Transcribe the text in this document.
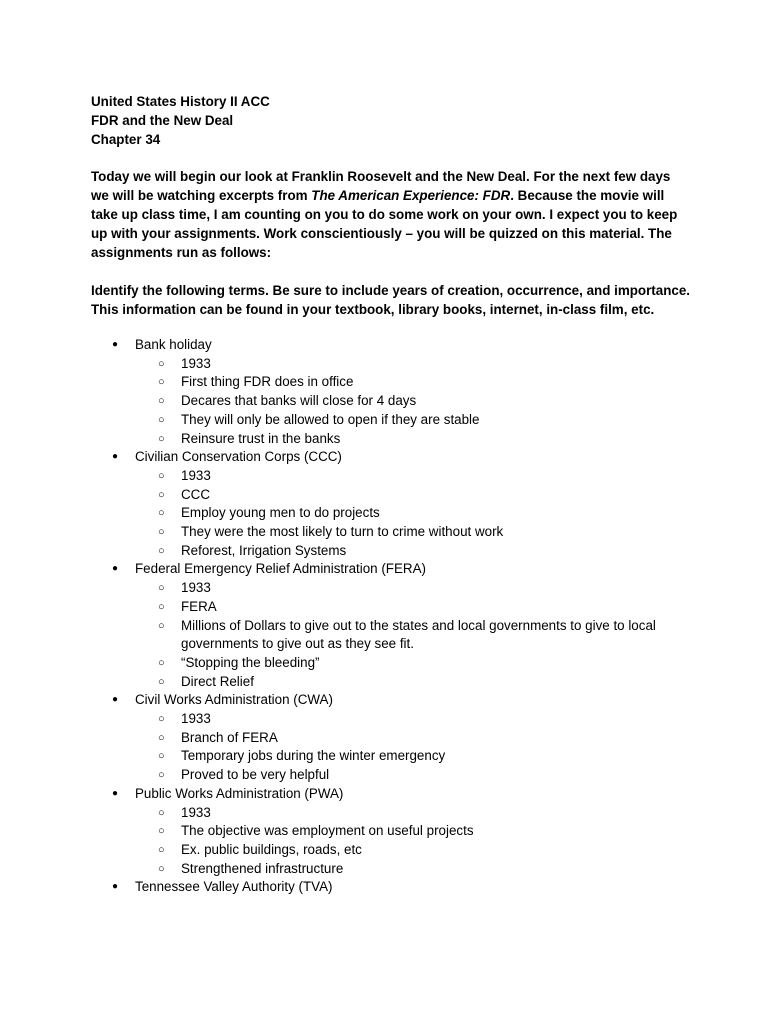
United States History II ACC

FDR and the New Deal

Chapter 34

Today we will begin our look at Franklin Roosevelt and the New Deal. For the next few days we will be watching excerpts from The American Experience: FDR. Because the movie will take up class time, I am counting on you to do some work on your own. I expect you to keep up with your assignments. Work conscientiously – you will be quizzed on this material. The assignments run as follows:

Identify the following terms. Be sure to include years of creation, occurrence, and importance. This information can be found in your textbook, library books, internet, in-class film, etc.

● Bank holiday
○ 1933
○ First thing FDR does in office
○ Decares that banks will close for 4 days
○ They will only be allowed to open if they are stable
○ Reinsure trust in the banks
● Civilian Conservation Corps (CCC)
○ 1933
○ CCC
○ Employ young men to do projects
○ They were the most likely to turn to crime without work
○ Reforest, Irrigation Systems
● Federal Emergency Relief Administration (FERA)
○ 1933
○ FERA
○ Millions of Dollars to give out to the states and local governments to give to local governments to give out as they see fit.
○ “Stopping the bleeding”
○ Direct Relief
● Civil Works Administration (CWA)
○ 1933
○ Branch of FERA
○ Temporary jobs during the winter emergency
○ Proved to be very helpful
● Public Works Administration (PWA)
○ 1933
○ The objective was employment on useful projects
○ Ex. public buildings, roads, etc
○ Strengthened infrastructure
● Tennessee Valley Authority (TVA)
